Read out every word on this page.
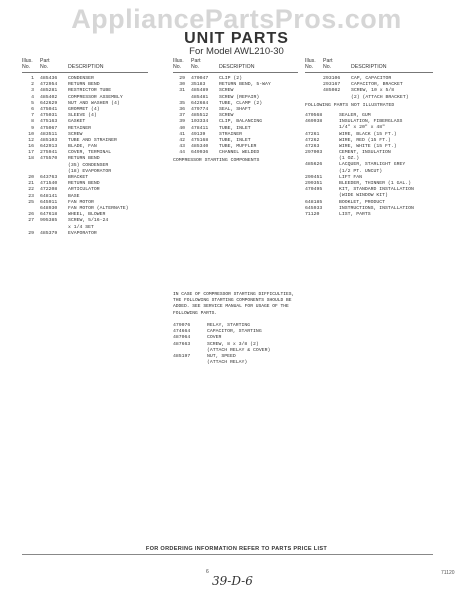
AppliancePartsPros.com
UNIT PARTS
For Model AWL210-30
Illus. Part
No. No.	DESCRIPTION
1 485436 CONDENSER
2 472954 RETURN BEND
3 485281 RESTRICTOR TUBE
4 485402 COMPRESSOR ASSEMBLY
5 642629 NUT AND WASHER (4)
6 475041 GROMMET (4)
7 475031 SLEEVE (4)
8 475163 GASKET
9 475067 RETAINER
10 483511 SCREW
12 485103 TUBE AND STRAINER
16 642913 BLADE, FAN
17 275941 COVER, TERMINAL
18 475570 RETURN BEND
(35) CONDENSER
(18) EVAPORATOR
20 643763 BRACKET
21 471540 RETURN BEND
22 472208 ARTICULATOR
23 648141 BASE
25 645911 FAN MOTOR
648930 FAN MOTOR (ALTERNATE)
26 647618 WHEEL, BLOWER
27 995385 SCREW, 5/16-24
x 1/4 SET
29 485379 EVAPORATOR
Illus. Part
No. No.	DESCRIPTION
29 470047 CLIP (2)
30 35183	RETURN BEND, 5-WAY
31 485489 SCREW
485481 SCREW (REPAIR)
35 642684 TUBE, CLAMP (2)
36 479774 SEAL, SHAFT
37 485512 SCREW
39 103334 CLIP, BALANCING
40 478411 TUBE, INLET
41 49139	STRAINER
42 475168 TUBE, INLET
43 485340 TUBE, MUFFLER
44 649936 CHANNEL WELDED
COMPRESSOR STARTING COMPONENTS
IN CASE OF COMPRESSOR STARTING DIFFICULTIES, THE FOLLOWING STARTING COMPONENTS SHOULD BE ADDED. SEE SERVICE MANUAL FOR USAGE OF THE FOLLOWING PARTS.
479076	RELAY, STARTING
474664	CAPACITOR, STARTING
487064	COVER
487663	SCREW, 8 x 3/8 (2)
(ATTACH RELAY & COVER)
485197	NUT, SPEED
(ATTACH RELAY)
Illus. Part
No. No.	DESCRIPTION
293106 CAP, CAPACITOR
293167 CAPACITOR, BRACKET
485082 SCREW, 10 x 5/8
(2) (ATTACH BRACKET)
FOLLOWING PARTS NOT ILLUSTRATED
470568	SEALER, GUM
469938	INSULATION, FIBERGLASS
1/4" x 20" x 48"
47261	WIRE, BLACK (15 FT.)
47262	WIRE, RED (15 FT.)
47263	WIRE, WHITE (15 FT.)
297003	CEMENT, INSULATION
(1 OZ.)
485626	LACQUER, STARLIGHT GREY
(1/2 PT. UNCUT)
299451	LIFT FAN
299351	BLEEDER, THINNER (1 GAL.)
470495	KIT, STANDARD INSTALLATION
(WIDE WINDOW KIT)
648185	BOOKLET, PRODUCT
645933	INSTRUCTIONS, INSTALLATION
71120	LIST, PARTS
FOR ORDERING INFORMATION REFER TO PARTS PRICE LIST
6
39-D-6
71120
